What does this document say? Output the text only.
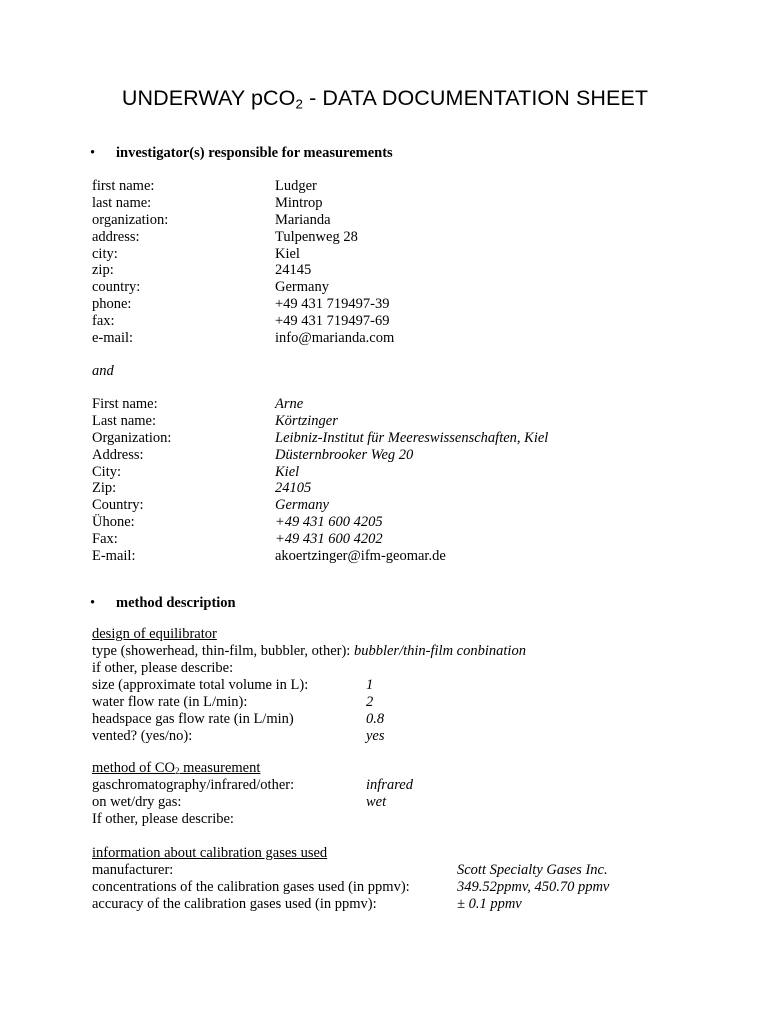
UNDERWAY pCO$_2$ - DATA DOCUMENTATION SHEET
• investigator(s) responsible for measurements
first name:	Ludger
last name:	Mintrop
organization:	Marianda
address:	Tulpenweg 28
city:	Kiel
zip:	24145
country:	Germany
phone:	+49 431 719497-39
fax:	+49 431 719497-69
e-mail:	info@marianda.com
and
First name:	Arne
Last name:	Körtzinger
Organization:	Leibniz-Institut für Meereswissenschaften, Kiel
Address:	Düsternbrooker Weg 20
City:	Kiel
Zip:	24105
Country:	Germany
Ühone:	+49 431 600 4205
Fax:	+49 431 600 4202
E-mail:	akoertzinger@ifm-geomar.de
• method description
design of equilibrator
type (showerhead, thin-film, bubbler, other): bubbler/thin-film conbination
if other, please describe:
size (approximate total volume in L):	1
water flow rate (in L/min):	2
headspace gas flow rate (in L/min)	0.8
vented? (yes/no):	yes
method of $CO_2$ measurement
gaschromatography/infrared/other:	infrared
on wet/dry gas:	wet
If other, please describe:
information about calibration gases used
manufacturer:	Scott Specialty Gases Inc.
concentrations of the calibration gases used (in ppmv):	349.52ppmv, 450.70 ppmv
accuracy of the calibration gases used (in ppmv):	± 0.1 ppmv
